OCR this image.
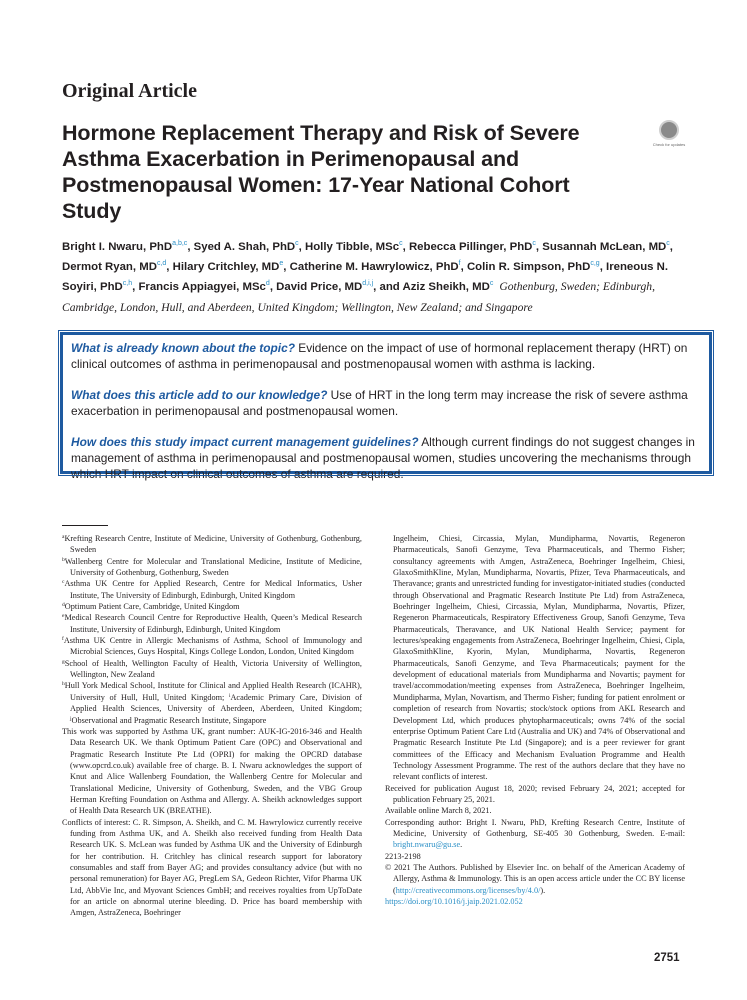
Original Article
Hormone Replacement Therapy and Risk of Severe Asthma Exacerbation in Perimenopausal and Postmenopausal Women: 17-Year National Cohort Study
Check for updates
Bright I. Nwaru, PhD$^{a,b,c}$, Syed A. Shah, PhD$^c$, Holly Tibble, MSc$^c$, Rebecca Pillinger, PhD$^c$, Susannah McLean, $MD^c$, Dermot Ryan, MD$^{c,d}$, Hilary Critchley, MDe, Catherine M. Hawrylowicz, PhD$^f$, Colin R. Simpson, PhD$^{c,g}$, Ireneous N. Soyiri, PhD$^{c,h}$, Francis Appiagyei, MSc$^d$, David Price, MD$^{d,i,j}$, and Aziz Sheikh, $MD^c$ Gothenburg, Sweden; Edinburgh, Cambridge, London, Hull, and Aberdeen, United Kingdom; Wellington, New Zealand; and Singapore

What is already known about the topic? Evidence on the impact of use of hormonal replacement therapy (HRT) on clinical outcomes of asthma in perimenopausal and postmenopausal women with asthma is lacking.

What does this article add to our knowledge? Use of HRT in the long term may increase the risk of severe asthma exacerbation in perimenopausal and postmenopausal women.

How does this study impact current management guidelines? Although current findings do not suggest changes in management of asthma in perimenopausal and postmenopausal women, studies uncovering the mechanisms through which HRT impact on clinical outcomes of asthma are required.

$^a$Krefting Research Centre, Institute of Medicine, University of Gothenburg, Gothenburg, Sweden

$^b$Wallenberg Centre for Molecular and Translational Medicine, Institute of Medicine, University of Gothenburg, Gothenburg, Sweden

$^c$Asthma UK Centre for Applied Research, Centre for Medical Informatics, Usher Institute, The University of Edinburgh, Edinburgh, United Kingdom

$^d$Optimum Patient Care, Cambridge, United Kingdom

$^e$Medical Research Council Centre for Reproductive Health, Queen’s Medical Research Institute, University of Edinburgh, Edinburgh, United Kingdom

$^f$Asthma UK Centre in Allergic Mechanisms of Asthma, School of Immunology and Microbial Sciences, Guys Hospital, Kings College London, London, United Kingdom

$^g$School of Health, Wellington Faculty of Health, Victoria University of Wellington, Wellington, New Zealand

$^h$Hull York Medical School, Institute for Clinical and Applied Health Research (ICAHR), University of Hull, Hull, United Kingdom; $^i$Academic Primary Care, Division of Applied Health Sciences, University of Aberdeen, Aberdeen, United Kingdom; $^j$Observational and Pragmatic Research Institute, Singapore

This work was supported by Asthma UK, grant number: AUK-IG-2016-346 and Health Data Research UK. We thank Optimum Patient Care (OPC) and Observational and Pragmatic Research Institute Pte Ltd (OPRI) for making the OPCRD database (www.opcrd.co.uk) available free of charge. B. I. Nwaru acknowledges the support of Knut and Alice Wallenberg Foundation, the Wallenberg Centre for Molecular and Translational Medicine, University of Gothenburg, Sweden, and the VBG Group Herman Krefting Foundation on Asthma and Allergy. A. Sheikh acknowledges support of Health Data Research UK (BREATHE).

Conflicts of interest: C. R. Simpson, A. Sheikh, and C. M. Hawrylowicz currently receive funding from Asthma UK, and A. Sheikh also received funding from Health Data Research UK. S. McLean was funded by Asthma UK and the University of Edinburgh for her contribution. H. Critchley has clinical research support for laboratory consumables and staff from Bayer AG; and provides consultancy advice (but with no personal remuneration) for Bayer AG, PregLem SA, Gedeon Richter, Vifor Pharma UK Ltd, AbbVie Inc, and Myovant Sciences GmbH; and receives royalties from UpToDate for an article on abnormal uterine bleeding. D. Price has board membership with Amgen, AstraZeneca, Boehringer

Ingelheim, Chiesi, Circassia, Mylan, Mundipharma, Novartis, Regeneron Pharmaceuticals, Sanofi Genzyme, Teva Pharmaceuticals, and Thermo Fisher; consultancy agreements with Amgen, AstraZeneca, Boehringer Ingelheim, Chiesi, GlaxoSmithKline, Mylan, Mundipharma, Novartis, Pfizer, Teva Pharmaceuticals, and Theravance; grants and unrestricted funding for investigator-initiated studies (conducted through Observational and Pragmatic Research Institute Pte Ltd) from AstraZeneca, Boehringer Ingelheim, Chiesi, Circassia, Mylan, Mundipharma, Novartis, Pfizer, Regeneron Pharmaceuticals, Respiratory Effectiveness Group, Sanofi Genzyme, Teva Pharmaceuticals, Theravance, and UK National Health Service; payment for lectures/speaking engagements from AstraZeneca, Boehringer Ingelheim, Chiesi, Cipla, GlaxoSmithKline, Kyorin, Mylan, Mundipharma, Novartis, Regeneron Pharmaceuticals, Sanofi Genzyme, and Teva Pharmaceuticals; payment for the development of educational materials from Mundipharma and Novartis; payment for travel/accommodation/meeting expenses from AstraZeneca, Boehringer Ingelheim, Mundipharma, Mylan, Novartism, and Thermo Fisher; funding for patient enrolment or completion of research from Novartis; stock/stock options from AKL Research and Development Ltd, which produces phytopharmaceuticals; owns 74% of the social enterprise Optimum Patient Care Ltd (Australia and UK) and 74% of Observational and Pragmatic Research Institute Pte Ltd (Singapore); and is a peer reviewer for grant committees of the Efficacy and Mechanism Evaluation Programme and Health Technology Assessment Programme. The rest of the authors declare that they have no relevant conflicts of interest.

Received for publication August 18, 2020; revised February 24, 2021; accepted for publication February 25, 2021.

Available online March 8, 2021.

Corresponding author: Bright I. Nwaru, PhD, Krefting Research Centre, Institute of Medicine, University of Gothenburg, SE-405 30 Gothenburg, Sweden. E-mail: bright.nwaru@gu.se.

2213-2198

© 2021 The Authors. Published by Elsevier Inc. on behalf of the American Academy of Allergy, Asthma & Immunology. This is an open access article under the CC BY license (http://creativecommons.org/licenses/by/4.0/).

https://doi.org/10.1016/j.jaip.2021.02.052

2751
